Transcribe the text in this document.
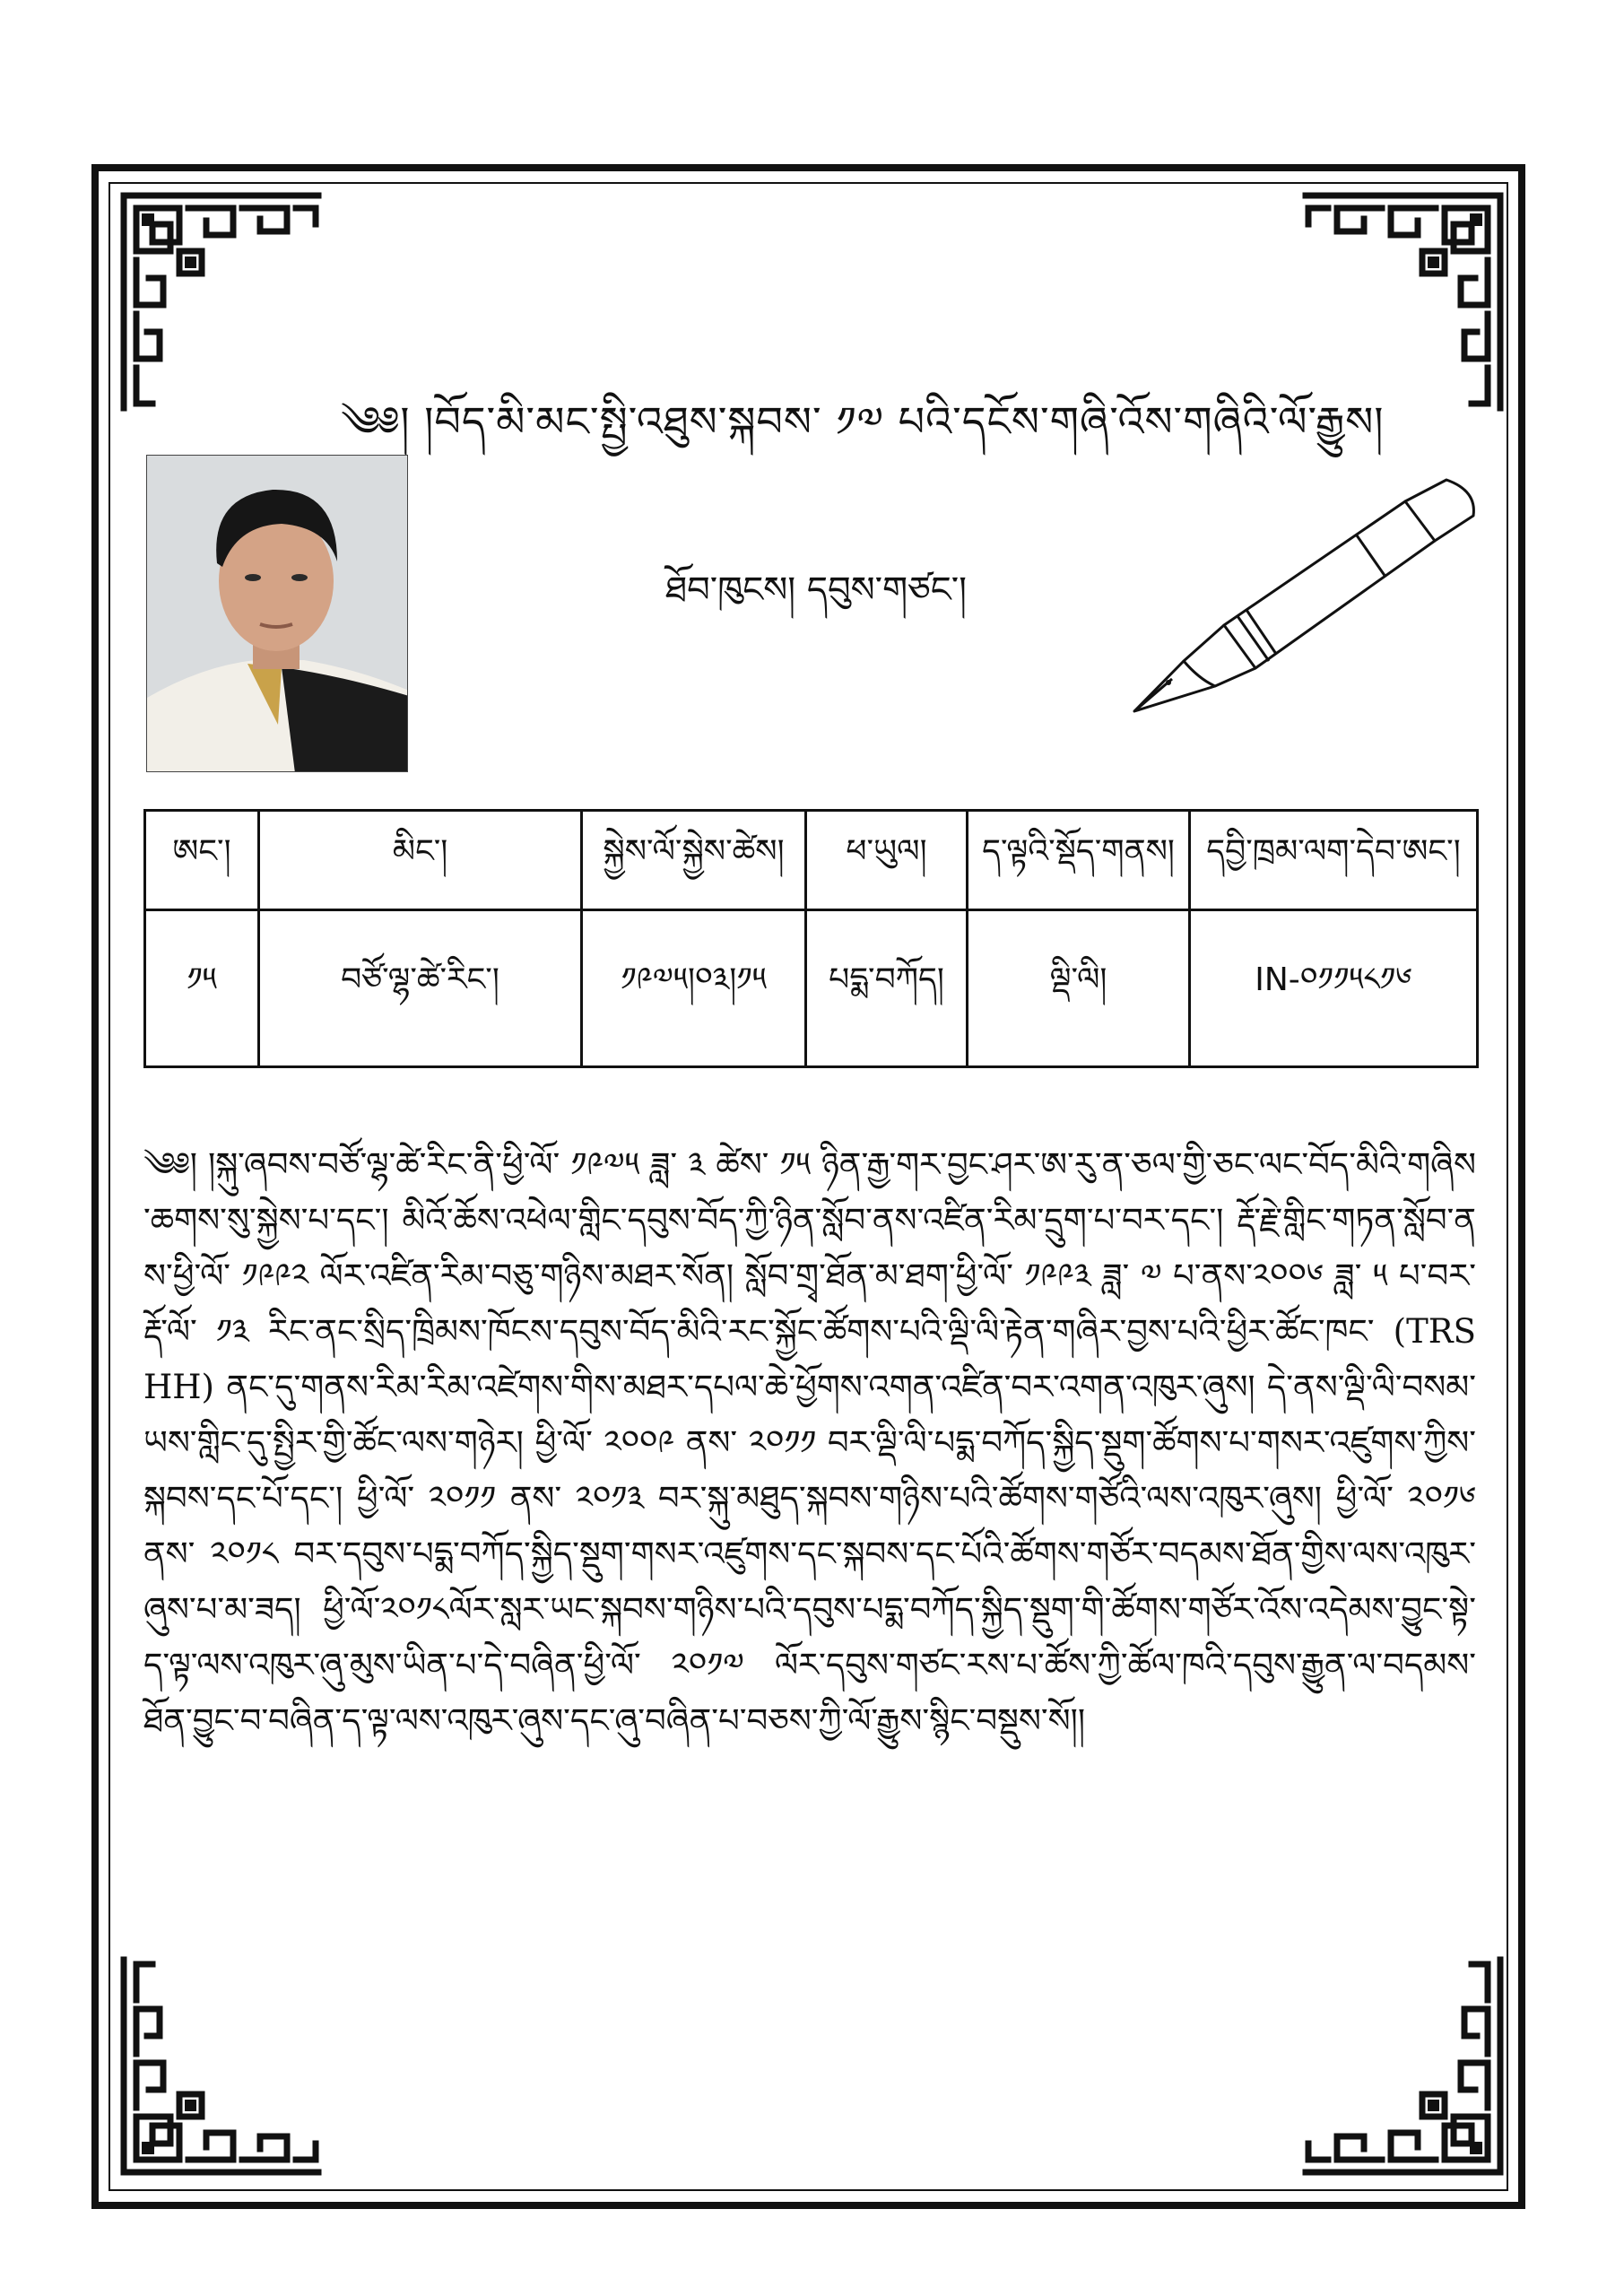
༄༅། །བོད་མི་མང་སྤྱི་འཐུས་སྐབས་ ༡༧ པའི་དངོས་གཞི་འོས་གཞིའི་ལོ་རྒྱུས།
ཐོབ་ཁུངས། དབུས་གཙང་།
ཨང་།	མིང་།	སྐྱེས་ལོ་སྐྱེས་ཚེས།	ཕ་ཡུལ།	ད་ལྟའི་སྡོད་གནས།	དབྱི་ཁྲམ་ལག་དེབ་ཨང་།
༡༥	བཙོ་ལྷ་ཚེ་རིང་།	༡༩༧༥།༠༣།༡༥	པདྨ་བཀོད།	ལྡི་ལི།	IN-༠༡༡༥༨༡༦
༄༅། །སྐུ་ཞབས་བཙོ་ལྷ་ཚེ་རིང་ནི་ཕྱི་ལོ་ ༡༩༧༥ ཟླ་ ༣ ཚེས་ ༡༥ ཉིན་རྒྱ་གར་བྱང་ཤར་ཨ་རུ་ན་ཅལ་གྱི་ཅང་ལང་བོད་མིའི་གཞིས་ཆགས་སུ་སྐྱེས་པ་དང་། མིའོ་ཆོས་འཕེལ་གླིང་དབུས་བོད་ཀྱི་ཉིན་སློབ་ནས་འཛིན་རིམ་དྲུག་པ་བར་དང་། རྡོ་རྗེ་གླིང་གཏན་སློབ་ནས་ཕྱི་ལོ་ ༡༩༩༢ ལོར་འཛིན་རིམ་བཅུ་གཉིས་མཐར་སོན། སློབ་གྲྭ་ཐོན་མ་ཐག་ཕྱི་ལོ་ ༡༩༩༣ ཟླ་ ༧ པ་ནས་༢༠༠༦ ཟླ་ ༥ པ་བར་རྡོ་ལོ་ ༡༣ རིང་ནང་སྲིད་ཁྲིམས་ཁོངས་དབུས་བོད་མིའི་རང་སྐྱོང་ཚོགས་པའི་ལྡི་ལི་རྟེན་གཞིར་བྱས་པའི་ཕྱིར་ཚོང་ཁང་ (TRSHH) ནང་དུ་གནས་རིམ་རིམ་འཛེགས་གིས་མཐར་དཔལ་ཆེ་ཕྱོགས་འགན་འཛིན་བར་འགན་འཁུར་ཞུས། དེ་ནས་ལྡི་ལི་བསམ་ཡས་གླིང་དུ་སྤྱིར་གྱི་ཚོང་ལས་གཉེར། ཕྱི་ལོ་ ༢༠༠༩ ནས་ ༢༠༡༡ བར་ལྡི་ལི་པདྨ་བཀོད་སྐྱིད་སྡུག་ཚོགས་པ་གསར་འཛུགས་ཀྱིས་སྐབས་དང་པོ་དང་། ཕྱི་ལོ་ ༢༠༡༡ ནས་ ༢༠༡༣ བར་སྐུ་མཐུད་སྐབས་གཉིས་པའི་ཚོགས་གཙོའི་ལས་འཁུར་ཞུས། ཕྱི་ལོ་ ༢༠༡༦ ནས་ ༢༠༡༨ བར་དབུས་པདྨ་བཀོད་སྐྱིད་སྡུག་གསར་འཛུགས་དང་སྐབས་དང་པོའི་ཚོགས་གཙོར་བདམས་ཐོན་གྱིས་ལས་འཁུར་ཞུས་པ་མ་ཟད། ཕྱི་ལོ་༢༠༡༨ལོར་སླར་ཡང་སྐབས་གཉིས་པའི་དབུས་པདྨ་བཀོད་སྐྱིད་སྡུག་གི་ཚོགས་གཙོར་འོས་འདེམས་བྱུང་སྟེ་ད་ལྟ་ལས་འཁུར་ཞུ་མུས་ཡིན་པ་དེ་བཞིན་ཕྱི་ལོ་ ༢༠༡༧ ལོར་དབུས་གཙང་རས་པ་ཚོས་ཀྱི་ཚོལ་ཁའི་དབུས་རྒྱུན་ལ་བདམས་ཐོན་བྱུང་བ་བཞིན་ད་ལྟ་ལས་འཁུར་ཞུས་དང་ཞུ་བཞིན་པ་བཅས་ཀྱི་ལོ་རྒྱུས་སྙིང་བསྡུས་སོ།།
